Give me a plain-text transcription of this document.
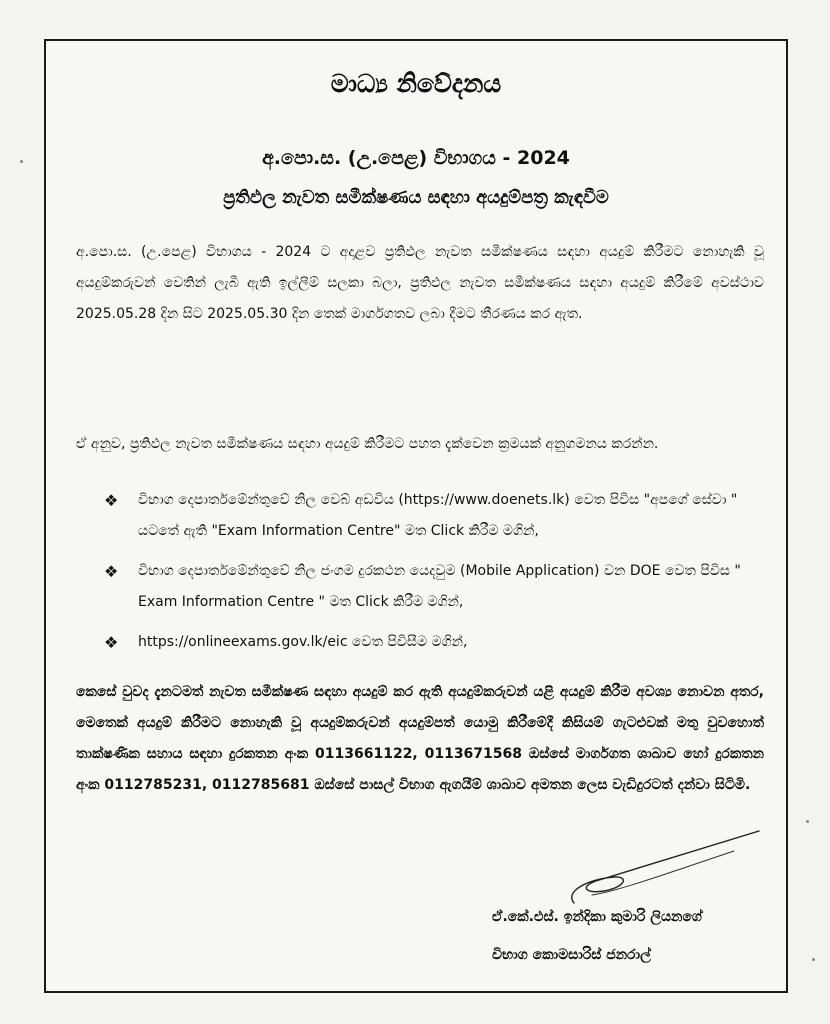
මාධ්‍ය නිවේදනය
අ.පො.ස. (උ.පෙළ) විභාගය - 2024
ප්‍රතිඵල නැවත සමීක්ෂණය සඳහා අයදුම්පත්‍ර කැඳවීම

අ.පො.ස. (උ.පෙළ) විභාගය - 2024 ට අදාළව ප්‍රතිඵල නැවත සමීක්ෂණය සඳහා අයදුම් කිරීමට නොහැකි වූ අයදුම්කරුවන් වෙතින් ලැබී ඇති ඉල්ලීම් සලකා බලා, ප්‍රතිඵල නැවත සමීක්ෂණය සඳහා අයදුම් කිරීමේ අවස්ථාව 2025.05.28 දින සිට 2025.05.30 දින තෙක් මාර්ගගතව ලබා දීමට තීරණය කර ඇත.

ඒ අනුව, ප්‍රතිඵල නැවත සමීක්ෂණය සඳහා අයදුම් කිරීමට පහත දැක්වෙන ක්‍රමයක් අනුගමනය කරන්න.

❖ විභාග දෙපාර්තමේන්තුවේ නිල වෙබ් අඩවිය (https://www.doenets.lk) වෙත පිවිස "අපගේ සේවා " යටතේ ඇති "Exam Information Centre" මත Click කිරීම මගින්,
❖ විභාග දෙපාර්තමේන්තුවේ නිල ජංගම දුරකථන යෙදවුම (Mobile Application) වන DOE වෙත පිවිස " Exam Information Centre " මත Click කිරීම මගින්,
❖ https://onlineexams.gov.lk/eic වෙත පිවිසීම මගින්,

කෙසේ වුවද දැනටමත් නැවත සමීක්ෂණ සඳහා අයදුම් කර ඇති අයදුම්කරුවන් යළි අයදුම් කිරීම අවශ්‍ය නොවන අතර, මෙතෙක් අයදුම් කිරීමට නොහැකි වූ අයදුම්කරුවන් අයදුම්පත් යොමු කිරීමේදී කිසියම් ගැටළුවක් මතු වුවහොත් තාක්ෂණික සහාය සඳහා දුරකතන අංක 0113661122, 0113671568 ඔස්සේ මාර්ගගත ශාඛාව හෝ දුරකතන අංක 0112785231, 0112785681 ඔස්සේ පාසල් විභාග ඇගයීම් ශාඛාව අමතන ලෙස වැඩිදුරටත් දන්වා සිටිමි.

ඒ.කේ.එස්. ඉන්දිකා කුමාරි ලියනගේ
විභාග කොමසාරිස් ජනරාල්
